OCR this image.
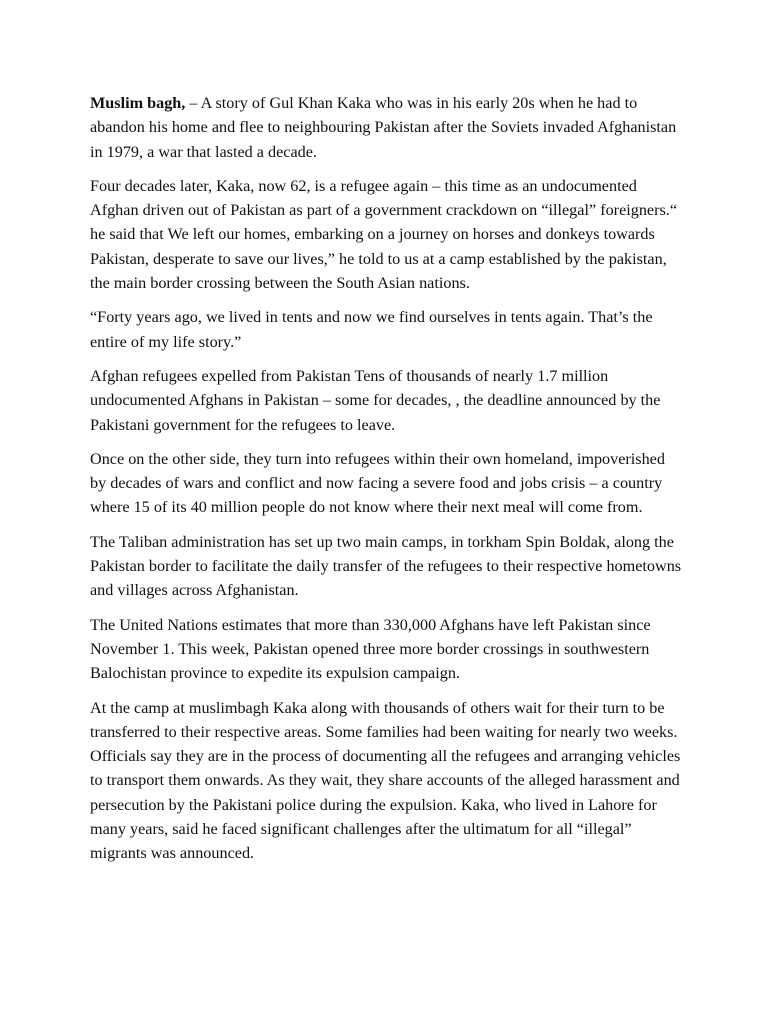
Muslim bagh, – A story of Gul Khan Kaka who was in his early 20s when he had to abandon his home and flee to neighbouring Pakistan after the Soviets invaded Afghanistan in 1979, a war that lasted a decade.

Four decades later, Kaka, now 62, is a refugee again – this time as an undocumented Afghan driven out of Pakistan as part of a government crackdown on “illegal” foreigners.“ he said that We left our homes, embarking on a journey on horses and donkeys towards Pakistan, desperate to save our lives,” he told to us at a camp established by the pakistan, the main border crossing between the South Asian nations.

“Forty years ago, we lived in tents and now we find ourselves in tents again. That’s the entire of my life story.”

Afghan refugees expelled from Pakistan Tens of thousands of nearly 1.7 million undocumented Afghans in Pakistan – some for decades, , the deadline announced by the Pakistani government for the refugees to leave.

Once on the other side, they turn into refugees within their own homeland, impoverished by decades of wars and conflict and now facing a severe food and jobs crisis – a country where 15 of its 40 million people do not know where their next meal will come from.

The Taliban administration has set up two main camps, in torkham Spin Boldak, along the Pakistan border to facilitate the daily transfer of the refugees to their respective hometowns and villages across Afghanistan.

The United Nations estimates that more than 330,000 Afghans have left Pakistan since November 1. This week, Pakistan opened three more border crossings in southwestern Balochistan province to expedite its expulsion campaign.

At the camp at muslimbagh Kaka along with thousands of others wait for their turn to be transferred to their respective areas. Some families had been waiting for nearly two weeks. Officials say they are in the process of documenting all the refugees and arranging vehicles to transport them onwards. As they wait, they share accounts of the alleged harassment and persecution by the Pakistani police during the expulsion. Kaka, who lived in Lahore for many years, said he faced significant challenges after the ultimatum for all “illegal” migrants was announced.
